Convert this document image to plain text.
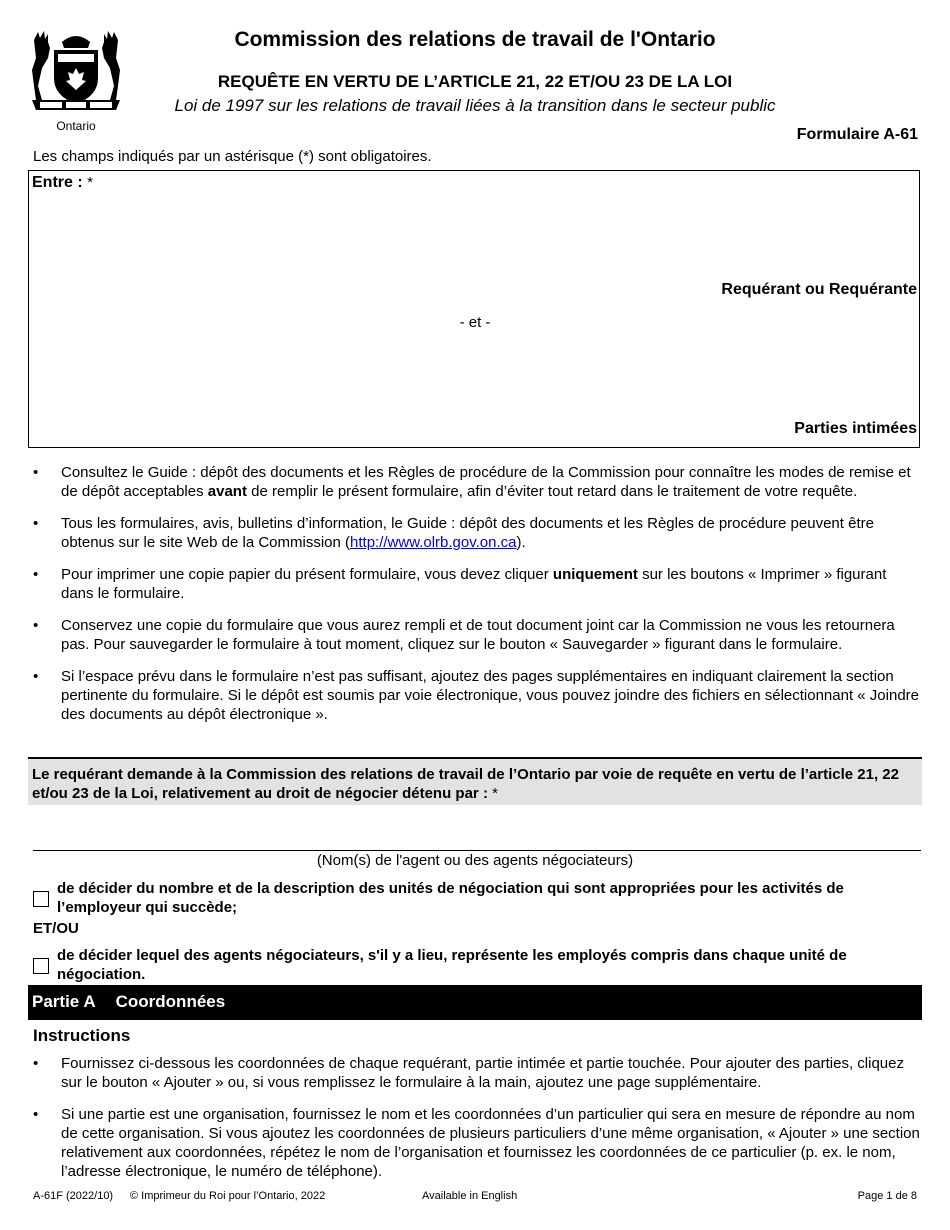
Ontario
Commission des relations de travail de l'Ontario
REQUÊTE EN VERTU DE L’ARTICLE 21, 22 ET/OU 23 DE LA LOI
Loi de 1997 sur les relations de travail liées à la transition dans le secteur public
Formulaire A-61
Les champs indiqués par un astérisque (*) sont obligatoires.
Entre : *
Requérant ou Requérante
- et -
Parties intimées
•	Consultez le Guide : dépôt des documents et les Règles de procédure de la Commission pour connaître les modes de remise et de dépôt acceptables avant de remplir le présent formulaire, afin d’éviter tout retard dans le traitement de votre requête.
•	Tous les formulaires, avis, bulletins d’information, le Guide : dépôt des documents et les Règles de procédure peuvent être obtenus sur le site Web de la Commission (http://www.olrb.gov.on.ca).
•	Pour imprimer une copie papier du présent formulaire, vous devez cliquer uniquement sur les boutons « Imprimer » figurant dans le formulaire.
•	Conservez une copie du formulaire que vous aurez rempli et de tout document joint car la Commission ne vous les retournera pas. Pour sauvegarder le formulaire à tout moment, cliquez sur le bouton « Sauvegarder » figurant dans le formulaire.
•	Si l’espace prévu dans le formulaire n’est pas suffisant, ajoutez des pages supplémentaires en indiquant clairement la section pertinente du formulaire. Si le dépôt est soumis par voie électronique, vous pouvez joindre des fichiers en sélectionnant « Joindre des documents au dépôt électronique ».
Le requérant demande à la Commission des relations de travail de l’Ontario par voie de requête en vertu de l’article 21, 22 et/ou 23 de la Loi, relativement au droit de négocier détenu par : *
(Nom(s) de l'agent ou des agents négociateurs)
de décider du nombre et de la description des unités de négociation qui sont appropriées pour les activités de l’employeur qui succède;
ET/OU
de décider lequel des agents négociateurs, s'il y a lieu, représente les employés compris dans chaque unité de négociation.
Partie A Coordonnées
Instructions
•	Fournissez ci-dessous les coordonnées de chaque requérant, partie intimée et partie touchée. Pour ajouter des parties, cliquez sur le bouton « Ajouter » ou, si vous remplissez le formulaire à la main, ajoutez une page supplémentaire.
•	Si une partie est une organisation, fournissez le nom et les coordonnées d’un particulier qui sera en mesure de répondre au nom de cette organisation. Si vous ajoutez les coordonnées de plusieurs particuliers d’une même organisation, « Ajouter » une section relativement aux coordonnées, répétez le nom de l’organisation et fournissez les coordonnées de ce particulier (p. ex. le nom, l’adresse électronique, le numéro de téléphone).
A-61F (2022/10) © Imprimeur du Roi pour l’Ontario, 2022	Available in English	Page 1 de 8
